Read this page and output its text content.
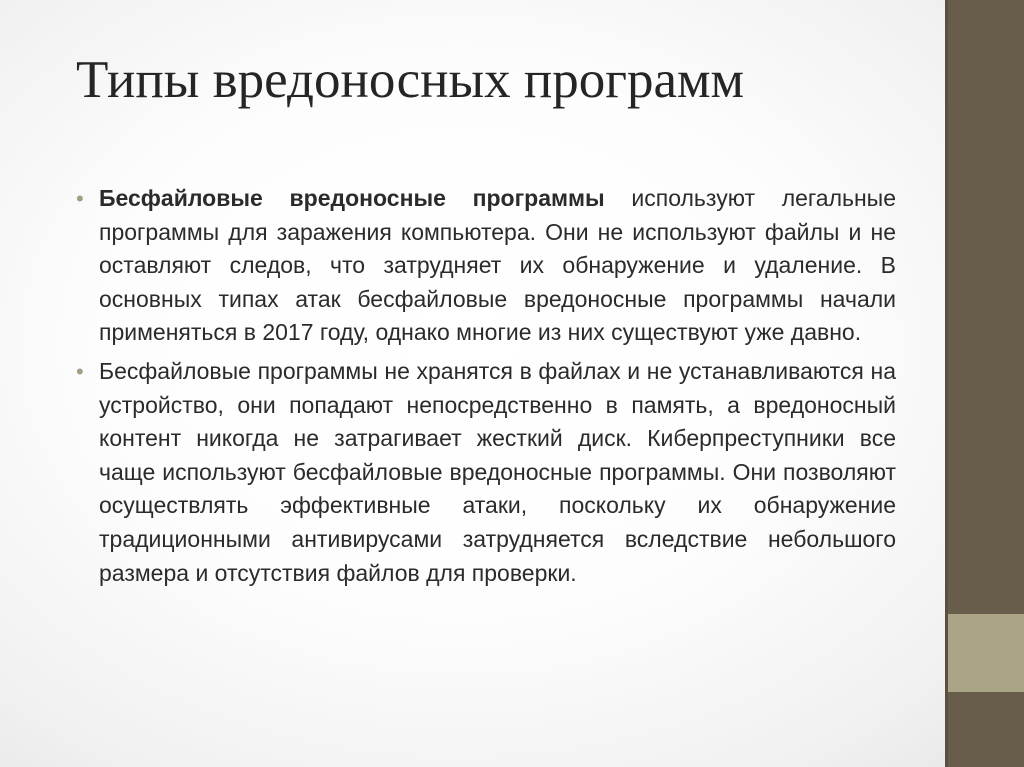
Типы вредоносных программ
• Бесфайловые вредоносные программы используют легальные программы для заражения компьютера. Они не используют файлы и не оставляют следов, что затрудняет их обнаружение и удаление. В основных типах атак бесфайловые вредоносные программы начали применяться в 2017 году, однако многие из них существуют уже давно.
• Бесфайловые программы не хранятся в файлах и не устанавливаются на устройство, они попадают непосредственно в память, а вредоносный контент никогда не затрагивает жесткий диск. Киберпреступники все чаще используют бесфайловые вредоносные программы. Они позволяют осуществлять эффективные атаки, поскольку их обнаружение традиционными антивирусами затрудняется вследствие небольшого размера и отсутствия файлов для проверки.
